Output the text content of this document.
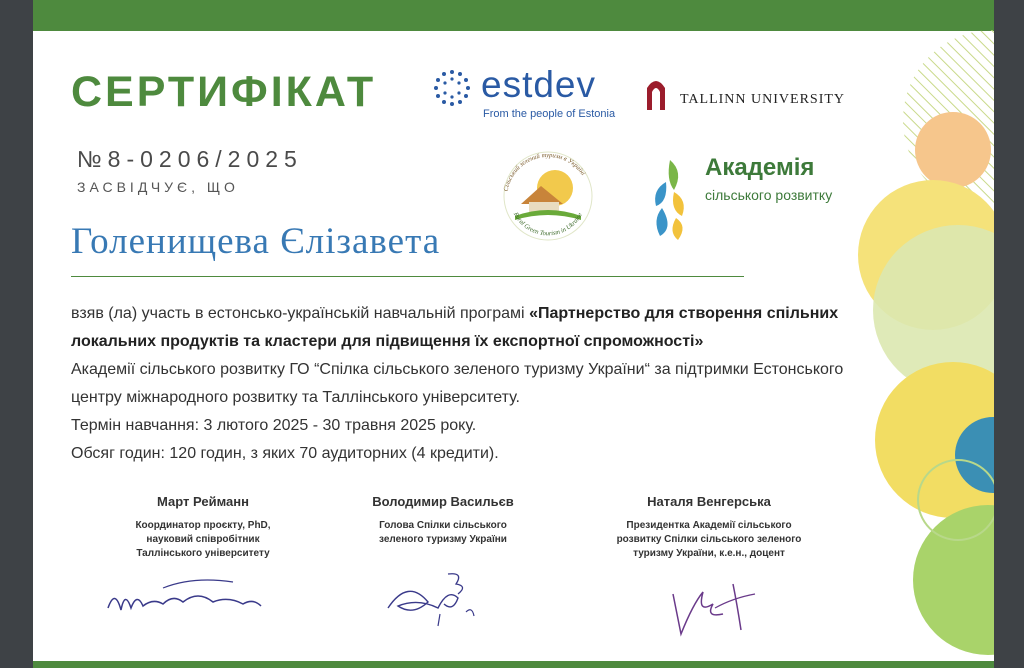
СЕРТИФІКАТ
№8-0206/2025
ЗАСВІДЧУЄ, ЩО
Голенищева Єлізавета
estdev
From the people of Estonia
TALLINN UNIVERSITY
Сільський зелений туризм в Україні
Rural Green Tourism in Ukraine
Академія
сільського розвитку

взяв (ла) участь в естонсько-українській навчальній програмі «Партнерство для створення спільних локальних продуктів та кластери для підвищення їх експортної спроможності»

Академії сільського розвитку ГО “Спілка сільського зеленого туризму України“ за підтримки Естонського центру міжнародного розвитку та Таллінського університету.

Термін навчання: 3 лютого 2025 - 30 травня 2025 року.

Обсяг годин: 120 годин, з яких 70 аудиторних (4 кредити).

Март Рейманн
Координатор проєкту, PhD, науковий співробітник Таллінського університету
Володимир Васильєв
Голова Спілки сільського зеленого туризму України
Наталя Венгерська
Президентка Академії сільського розвитку Спілки сільського зеленого туризму України, к.е.н., доцент
